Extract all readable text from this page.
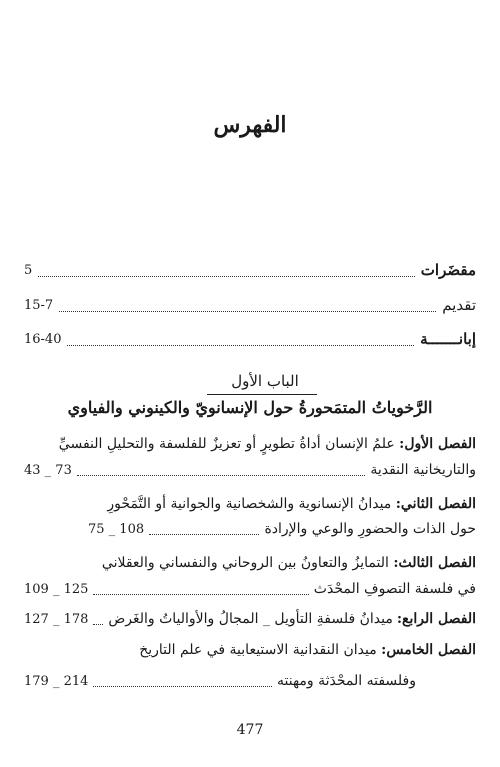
الفهرس
مقضَرات
5
تقديم
15-7
إبانـــــــة
16-40
الباب الأول
الرَّخوياتُ المتمَحورةُ حول الإنسانويّ والكينوني والفياوي
الفصل الأول: علمُ الإنسان أداةُ تطويرٍ أو تعزيزٌ للفلسفة والتحليلِ النفسيِّ
والتاريخانية النقدية
43 _ 73
الفصل الثاني: ميدانُ الإنسانوية والشخصانية والجوانية أو التَّمَحْورِ
حول الذات والحضورِ والوعي والإرادة
75 _ 108
الفصل الثالث: التمايزُ والتعاونُ بين الروحاني والنفساني والعقلاني
في فلسفة التصوفِ المحْدَث
109 _ 125
الفصل الرابع:
ميدانُ فلسفةِ التأويل _ المجالُ والأوالياتُ والغَرض
127 _ 178
الفصل الخامس: ميدان النقدانية الاستيعابية في علم التاريخ
وفلسفته المحْدَثة ومهنته
179 _ 214
477
